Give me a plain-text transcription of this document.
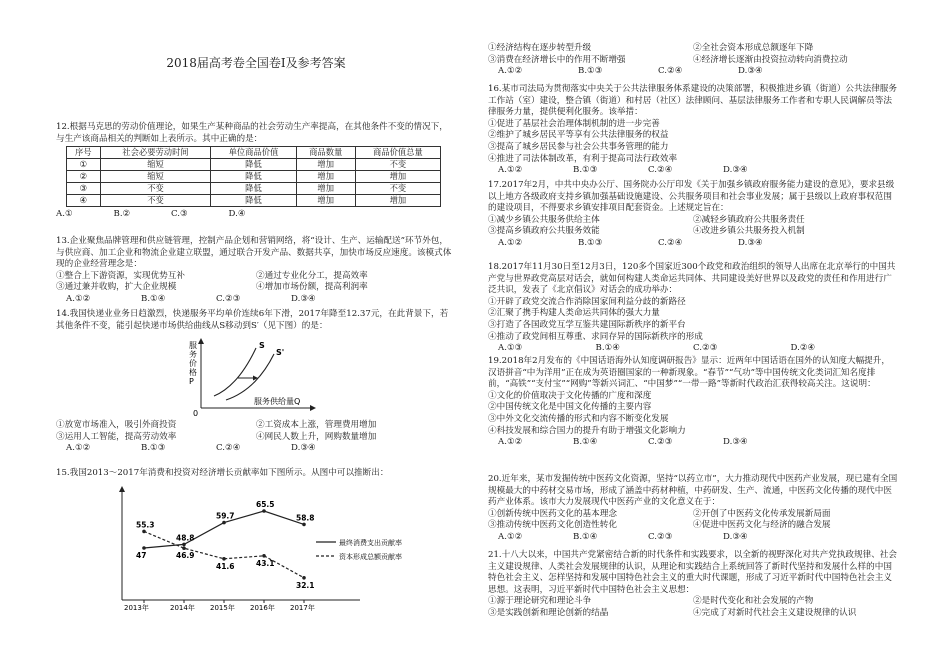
2018届高考卷全国卷Ⅰ及参考答案
12.根据马克思的劳动价值理论，如果生产某种商品的社会劳动生产率提高，在其他条件不变的情况下，与生产该商品相关的判断如上表所示。其中正确的是：
序号	社会必要劳动时间	单位商品价值	商品数量	商品价值总量
①	缩短	降低	增加	不变
②	缩短	降低	增加	增加
③	不变	降低	增加	不变
④	不变	降低	增加	增加
A.①	B.②	C.③	D.④
13.企业聚焦品牌管理和供应链管理，控制产品企划和营销网络，将“设计、生产、运输配送”环节外包，与供应商、加工企业和物流企业建立联盟，通过联合开发产品、数据共享，加快市场反应速度。该模式体现的企业经营理念是：
①整合上下游资源，实现优势互补	②通过专业化分工，提高效率
③通过兼并收购，扩大企业规模	④增加市场份额，提高利润率
A.①②	B.①④	C.②③	D.③④
14.我国快递业业务日趋激烈，快递服务平均单价连续6年下滑，2017年降至12.37元，在此背景下，若其他条件不变，能引起快递市场供给曲线从S移动到S′（见下图）的是：
服务价格 P
0
服务供给量Q
S
S'
①放宽市场准入，吸引外商投资	②工资成本上涨，管理费用增加
③运用人工智能，提高劳动效率	④网民人数上升，网购数量增加
A.①②	B.①③	C.②④	D.③④
15.我国2013～2017年消费和投资对经济增长贡献率如下图所示。从图中可以推断出：
47
48.8
59.7
65.5
58.8
55.3
46.9
41.6	43.1
32.1
2013年	2014年 2015年 2016年 2017年
最终消费支出贡献率
资本形成总额贡献率
①经济结构在逐步转型升级	②全社会资本形成总额逐年下降
③消费在经济增长中的作用不断增强	④经济增长逐渐由投资拉动转向消费拉动
A.①②	B.①③	C.②④	D.③④
16.某市司法局为贯彻落实中央关于公共法律服务体系建设的决策部署，积极推进乡镇（街道）公共法律服务工作站（室）建设，整合镇（街道）和村居（社区）法律顾问、基层法律服务工作者和专职人民调解员等法律服务力量，提供便利化服务。该举措：
①促进了基层社会治理体制机制的进一步完善
②维护了城乡居民平等享有公共法律服务的权益
③提高了城乡居民参与社会公共事务管理的能力
④推进了司法体制改革，有利于提高司法行政效率
A.①②	B.①③	C.②④	D.③④
17.2017年2月，中共中央办公厅、国务院办公厅印发《关于加强乡镇政府服务能力建设的意见》，要求县级以上地方各级政府支持乡镇加强基础设施建设、公共服务项目和社会事业发展；属于县级以上政府事权范围的建设项目，不得要求乡镇安排项目配套资金。上述规定旨在：
①减少乡镇公共服务供给主体	②减轻乡镇政府公共服务责任
③提高乡镇政府公共服务效能	④改进乡镇公共服务投入机制
A.①②	B.①③	C.②④	D.③④
18.2017年11月30日至12月3日，120多个国家近300个政党和政治组织的领导人出席在北京举行的中国共产党与世界政党高层对话会，就如何构建人类命运共同体、共同建设美好世界以及政党的责任和作用进行广泛共识，发表了《北京倡议》对话会的成功举办：
①开辟了政党交流合作消除国家间利益分歧的新路径
②汇聚了携手构建人类命运共同体的强大力量
③打造了各国政党互学互鉴共建国际新秩序的新平台
④推动了政党间相互尊重、求同存异的国际新秩序的形成
A.①③	B.①④	C.②③	D.②④
19.2018年2月发布的《中国话语海外认知度调研报告》显示：近两年中国话语在国外的认知度大幅提升，汉语拼音“中为洋用”正在成为英语圈国家的一种新现象。“春节”“气功”等中国传统文化类词汇知名度排前，“高铁”“支付宝”“网购”等新兴词汇、“中国梦”“一带一路”等新时代政治汇获得较高关注。这说明：
①文化的价值取决于文化传播的广度和深度
②中国传统文化是中国文化传播的主要内容
③中外文化交流传播的形式和内容不断变化发展
④科技发展和综合国力的提升有助于增强文化影响力
A.①②	B.①④	C.②③	D.③④
20.近年来，某市发掘传统中医药文化资源，坚持“以药立市”，大力推动现代中医药产业发展，现已建有全国规模最大的中药材交易市场，形成了涵盖中药材种植，中药研发、生产、流通，中医药文化传播的现代中医药产业体系。该市大力发展现代中医药产业的文化意义在于：
①创新传统中医药文化的基本理念	②开创了中医药文化传承发展新局面
③推动传统中医药文化创造性转化	④促进中医药文化与经济的融合发展
A.①②	B.①④	C.②③	D.③④
21.十八大以来，中国共产党紧密结合新的时代条件和实践要求，以全新的视野深化对共产党执政规律、社会主义建设规律、人类社会发展规律的认识，从理论和实践结合上系统回答了新时代坚持和发展什么样的中国特色社会主义、怎样坚持和发展中国特色社会主义的重大时代课题，形成了习近平新时代中国特色社会主义思想。这表明，习近平新时代中国特色社会主义思想：
①源于理论研究和理论斗争	②是时代变化和社会发展的产物
③是实践创新和理论创新的结晶	④完成了对新时代社会主义建设规律的认识
